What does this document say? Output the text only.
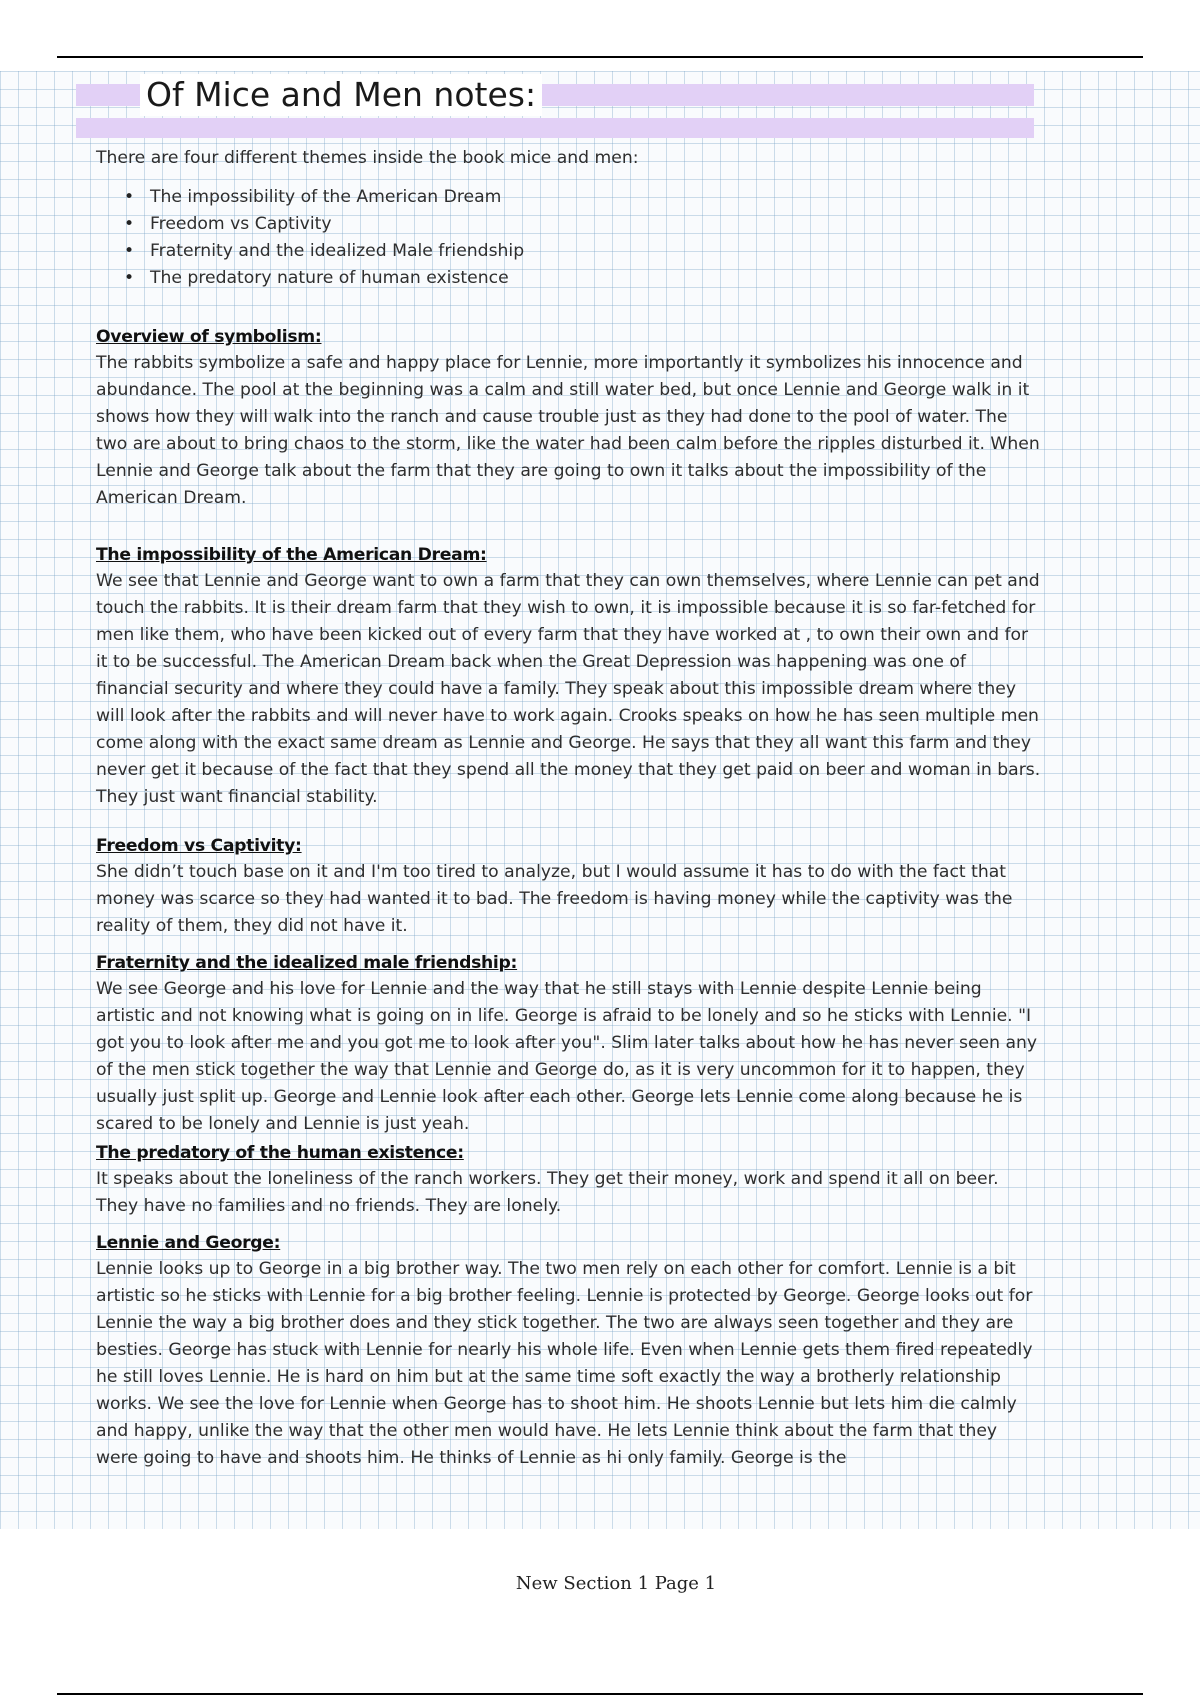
Of Mice and Men notes:

There are four different themes inside the book mice and men:

• The impossibility of the American Dream
• Freedom vs Captivity
• Fraternity and the idealized Male friendship
• The predatory nature of human existence
Overview of symbolism:

The rabbits symbolize a safe and happy place for Lennie, more importantly it symbolizes his innocence and abundance. The pool at the beginning was a calm and still water bed, but once Lennie and George walk in it shows how they will walk into the ranch and cause trouble just as they had done to the pool of water. The two are about to bring chaos to the storm, like the water had been calm before the ripples disturbed it. When Lennie and George talk about the farm that they are going to own it talks about the impossibility of the American Dream.

The impossibility of the American Dream:

We see that Lennie and George want to own a farm that they can own themselves, where Lennie can pet and touch the rabbits. It is their dream farm that they wish to own, it is impossible because it is so far-fetched for men like them, who have been kicked out of every farm that they have worked at , to own their own and for it to be successful. The American Dream back when the Great Depression was happening was one of financial security and where they could have a family. They speak about this impossible dream where they will look after the rabbits and will never have to work again. Crooks speaks on how he has seen multiple men come along with the exact same dream as Lennie and George. He says that they all want this farm and they never get it because of the fact that they spend all the money that they get paid on beer and woman in bars. They just want financial stability.

Freedom vs Captivity:

She didn’t touch base on it and I'm too tired to analyze, but I would assume it has to do with the fact that money was scarce so they had wanted it to bad. The freedom is having money while the captivity was the reality of them, they did not have it.

Fraternity and the idealized male friendship:

We see George and his love for Lennie and the way that he still stays with Lennie despite Lennie being artistic and not knowing what is going on in life. George is afraid to be lonely and so he sticks with Lennie. "I got you to look after me and you got me to look after you". Slim later talks about how he has never seen any of the men stick together the way that Lennie and George do, as it is very uncommon for it to happen, they usually just split up. George and Lennie look after each other. George lets Lennie come along because he is scared to be lonely and Lennie is just yeah.

The predatory of the human existence:

It speaks about the loneliness of the ranch workers. They get their money, work and spend it all on beer. They have no families and no friends. They are lonely.

Lennie and George:

Lennie looks up to George in a big brother way. The two men rely on each other for comfort. Lennie is a bit artistic so he sticks with Lennie for a big brother feeling. Lennie is protected by George. George looks out for Lennie the way a big brother does and they stick together. The two are always seen together and they are besties. George has stuck with Lennie for nearly his whole life. Even when Lennie gets them fired repeatedly he still loves Lennie. He is hard on him but at the same time soft exactly the way a brotherly relationship works. We see the love for Lennie when George has to shoot him. He shoots Lennie but lets him die calmly and happy, unlike the way that the other men would have. He lets Lennie think about the farm that they were going to have and shoots him. He thinks of Lennie as hi only family. George is the

New Section 1 Page 1
